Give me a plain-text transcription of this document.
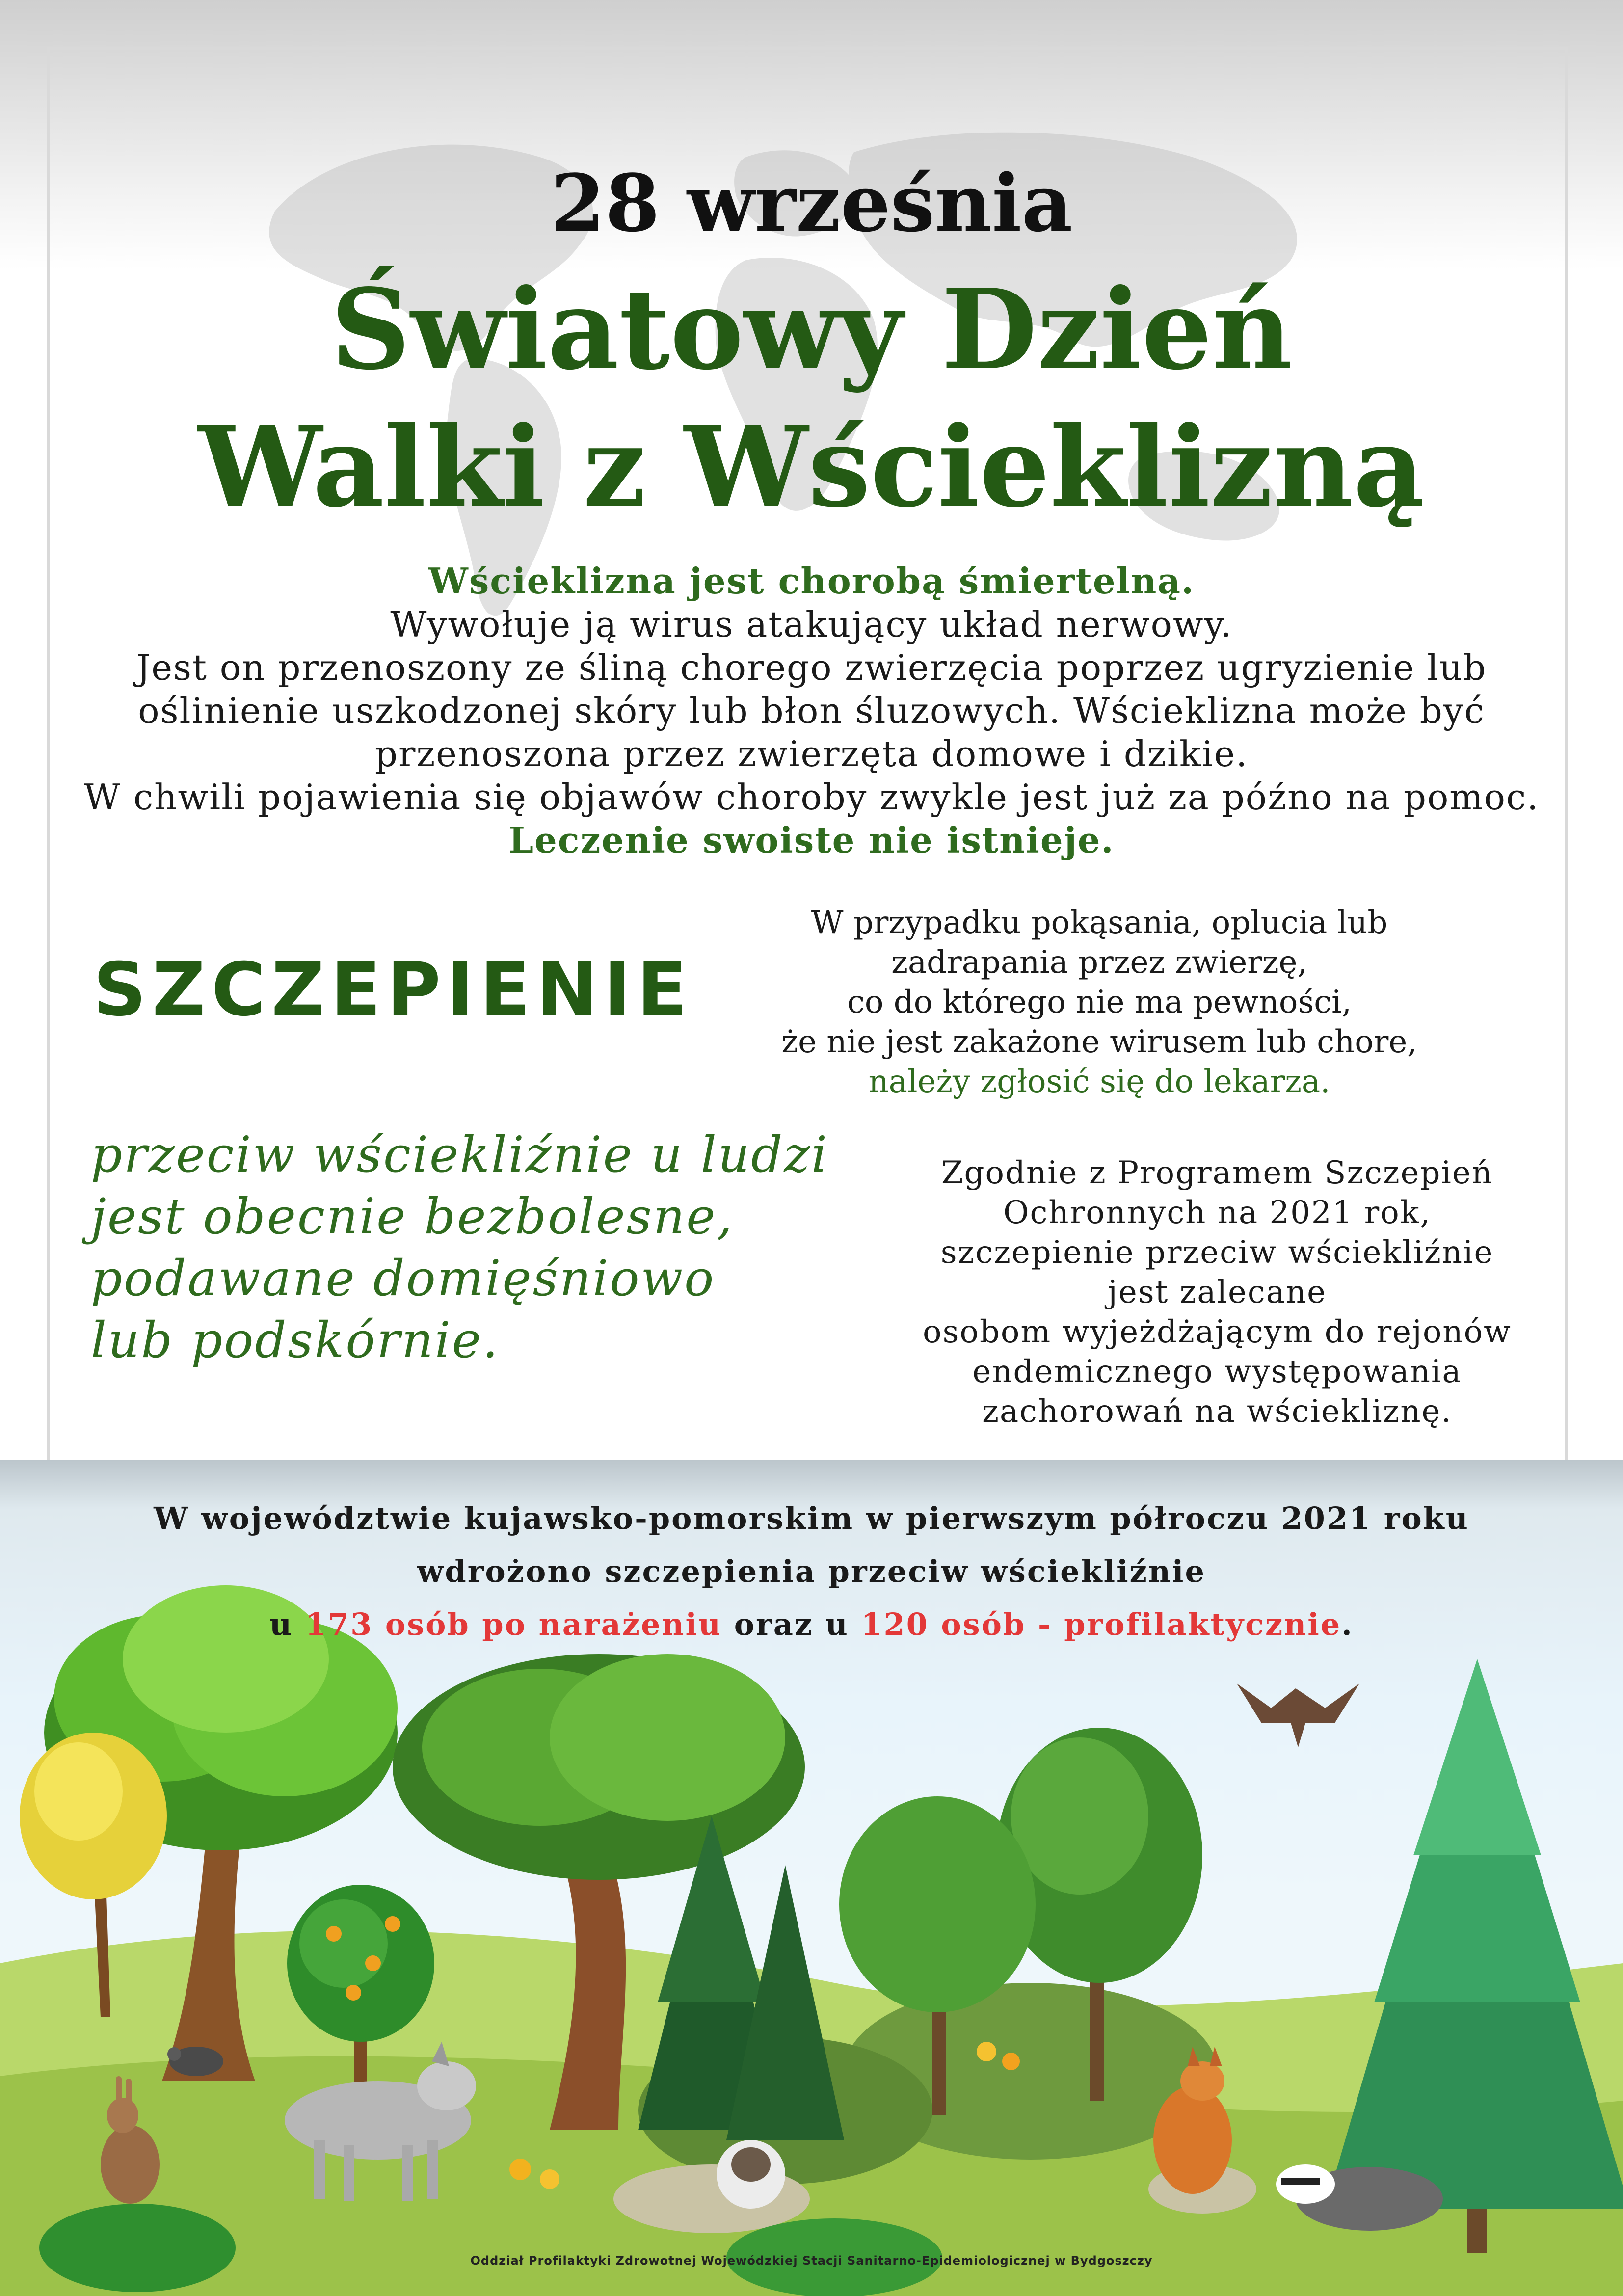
28 września
Światowy Dzień
Walki z Wścieklizną
Wścieklizna jest chorobą śmiertelną.
Wywołuje ją wirus atakujący układ nerwowy.
Jest on przenoszony ze śliną chorego zwierzęcia poprzez ugryzienie lub
oślinienie uszkodzonej skóry lub błon śluzowych. Wścieklizna może być
przenoszona przez zwierzęta domowe i dzikie.
W chwili pojawienia się objawów choroby zwykle jest już za późno na pomoc.
Leczenie swoiste nie istnieje.
SZCZEPIENIE
przeciw wściekliźnie u ludzi
jest obecnie bezbolesne,
podawane domięśniowo
lub podskórnie.
W przypadku pokąsania, oplucia lub
zadrapania przez zwierzę,
co do którego nie ma pewności,
że nie jest zakażone wirusem lub chore,
należy zgłosić się do lekarza.
Zgodnie z Programem Szczepień
Ochronnych na 2021 rok,
szczepienie przeciw wściekliźnie
jest zalecane
osobom wyjeżdżającym do rejonów
endemicznego występowania
zachorowań na wściekliznę.
W województwie kujawsko-pomorskim w pierwszym półroczu 2021 roku
wdrożono szczepienia przeciw wściekliźnie
u 173 osób po narażeniu oraz u 120 osób - profilaktycznie.
Oddział Profilaktyki Zdrowotnej Wojewódzkiej Stacji Sanitarno-Epidemiologicznej w Bydgoszczy
